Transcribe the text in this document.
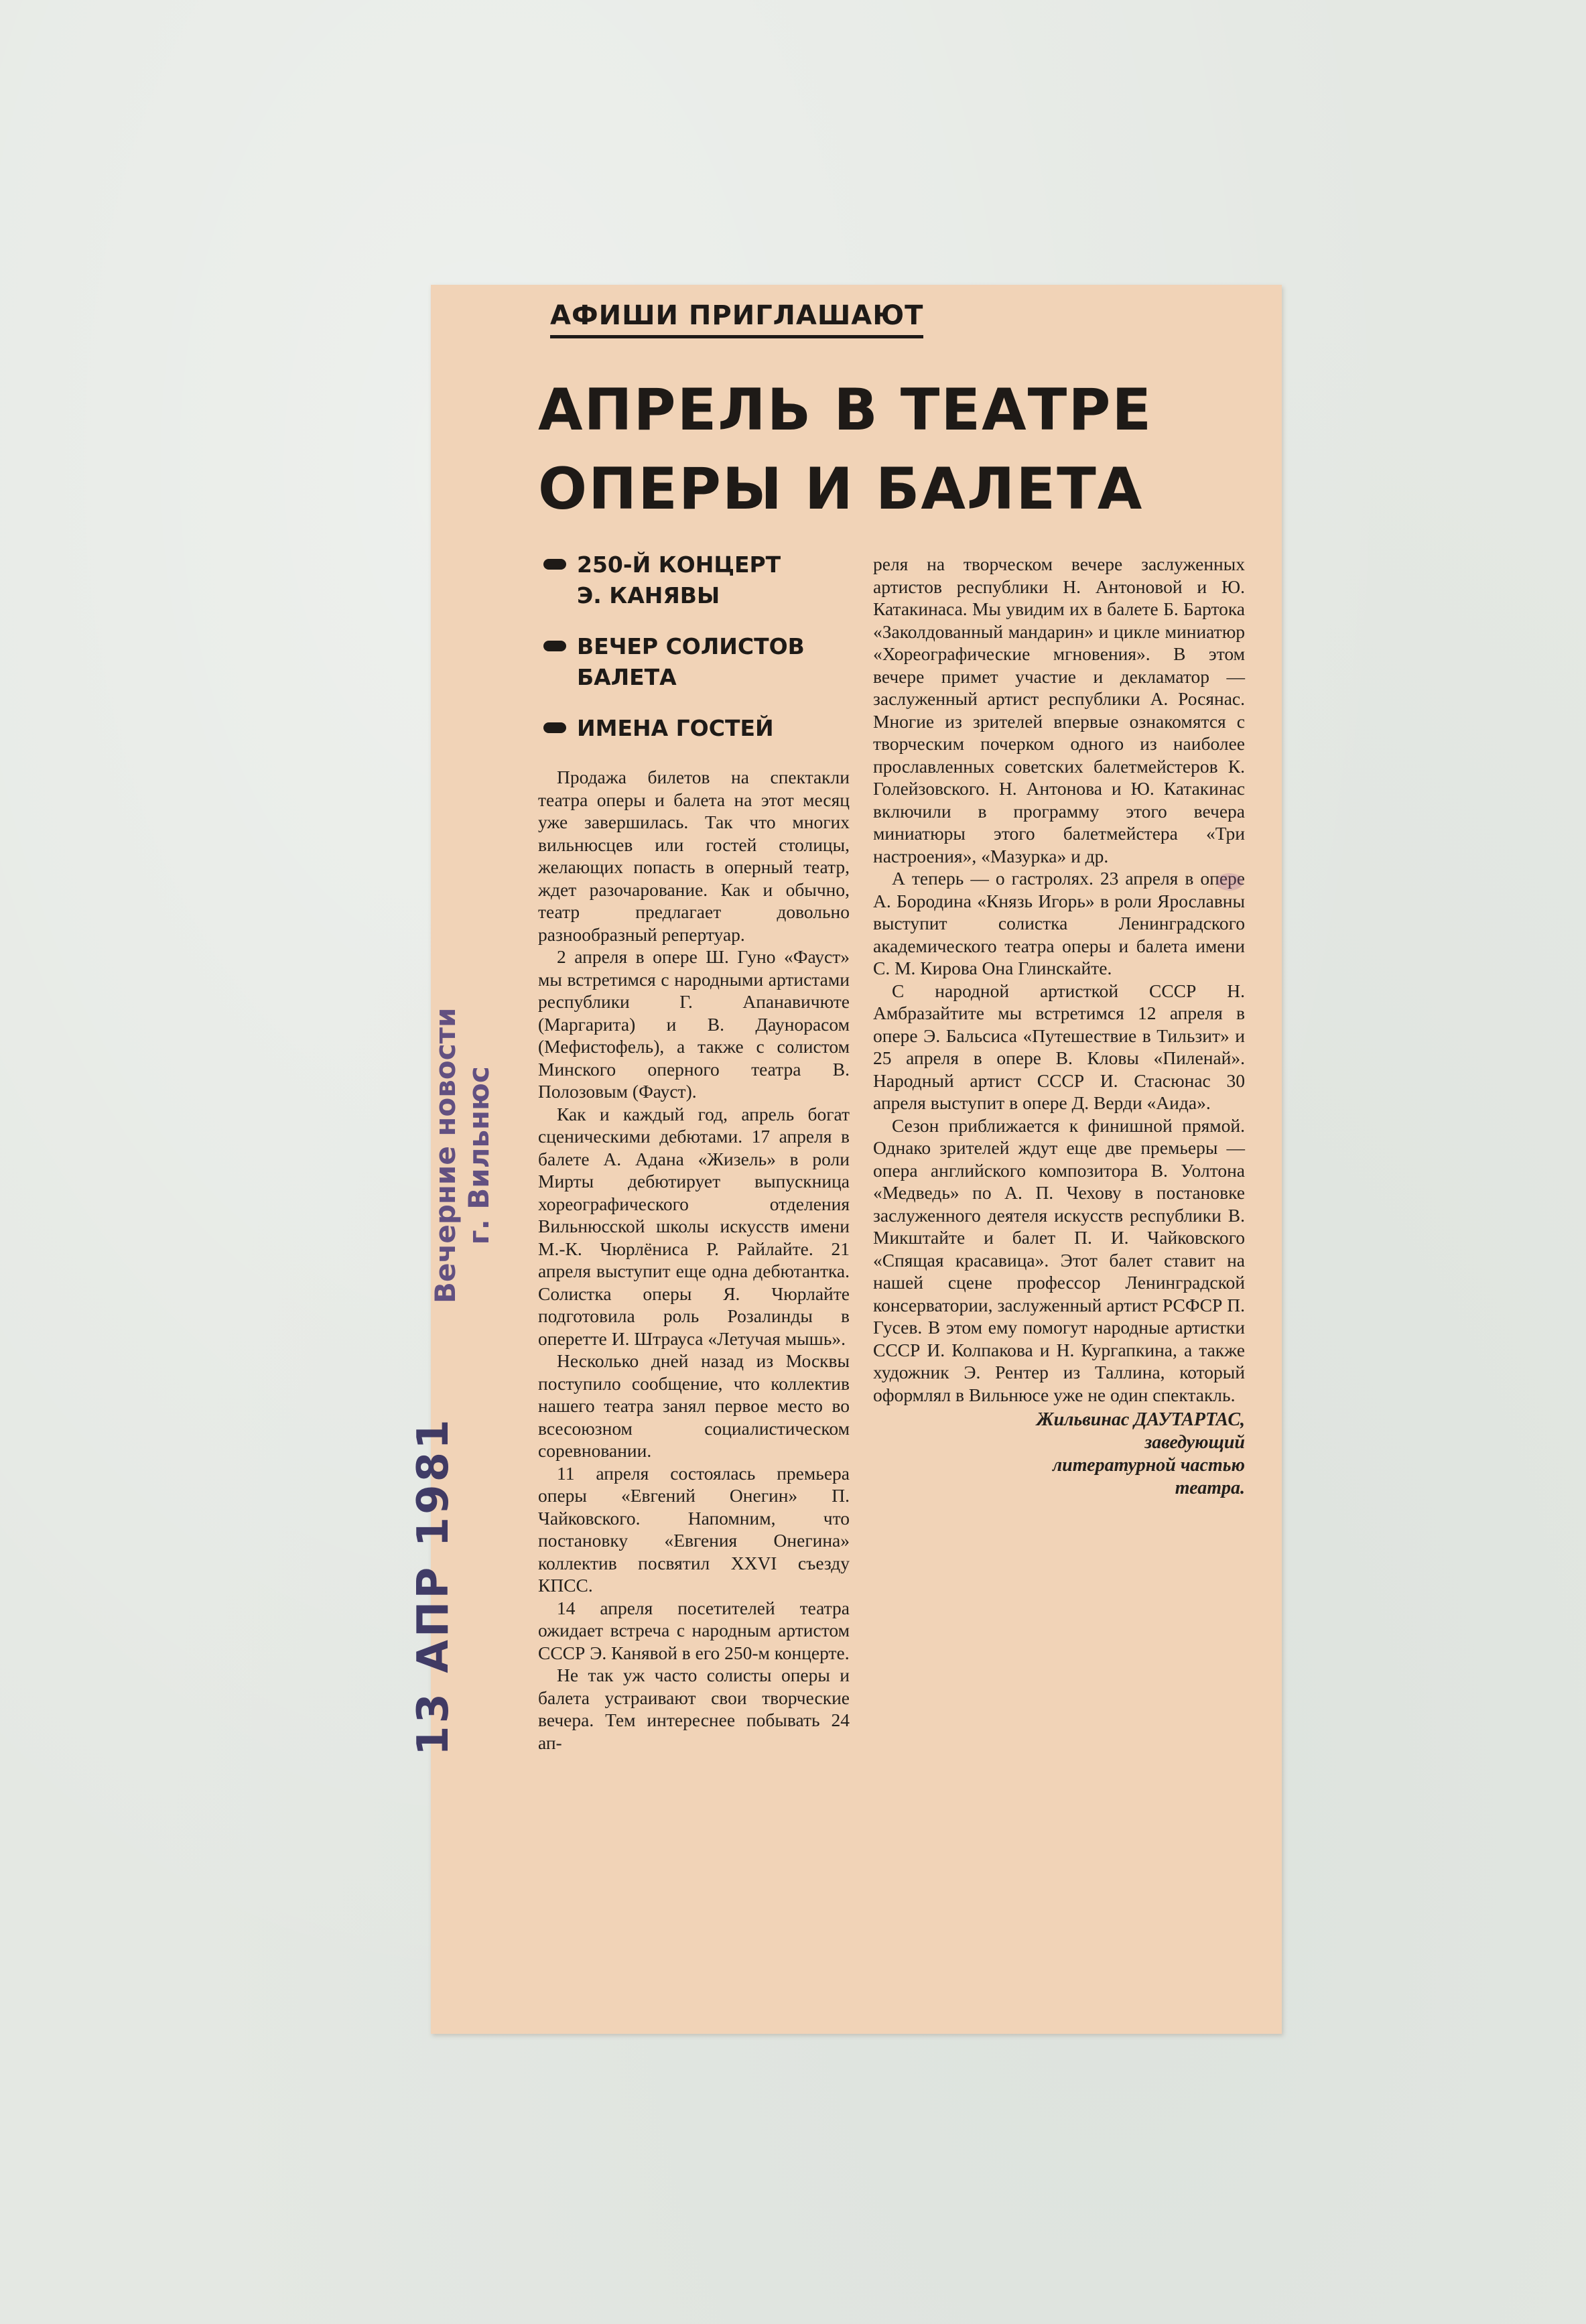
АФИШИ ПРИГЛАШАЮТ
АПРЕЛЬ В ТЕАТРЕ
ОПЕРЫ И БАЛЕТА
250-Й КОНЦЕРТ
Э. КАНЯВЫ
ВЕЧЕР СОЛИСТОВ
БАЛЕТА
ИМЕНА ГОСТЕЙ

Продажа билетов на спектакли театра оперы и балета на этот месяц уже завершилась. Так что многих вильнюсцев или гостей столицы, желающих попасть в оперный театр, ждет разочарование. Как и обычно, театр предлагает довольно разнообразный репертуар.

2 апреля в опере Ш. Гуно «Фауст» мы встретимся с народными артистами республики Г. Апанавичюте (Маргарита) и В. Даунорасом (Мефистофель), а также с солистом Минского оперного театра В. Полозовым (Фауст).

Как и каждый год, апрель богат сценическими дебютами. 17 апреля в балете А. Адана «Жизель» в роли Мирты дебютирует выпускница хореографического отделения Вильнюсской школы искусств имени М.-К. Чюрлёниса Р. Райлайте. 21 апреля выступит еще одна дебютантка. Солистка оперы Я. Чюрлайте подготовила роль Розалинды в оперетте И. Штрауса «Летучая мышь».

Несколько дней назад из Москвы поступило сообщение, что коллектив нашего театра занял первое место во всесоюзном социалистическом соревновании.

11 апреля состоялась премьера оперы «Евгений Онегин» П. Чайковского. Напомним, что постановку «Евгения Онегина» коллектив посвятил XXVI съезду КПСС.

14 апреля посетителей театра ожидает встреча с народным артистом СССР Э. Канявой в его 250-м концерте.

Не так уж часто солисты оперы и балета устраивают свои творческие вечера. Тем интереснее побывать 24 ап-

реля на творческом вечере заслуженных артистов республики Н. Антоновой и Ю. Катакинаса. Мы увидим их в балете Б. Бартока «Заколдованный мандарин» и цикле миниатюр «Хореографические мгновения». В этом вечере примет участие и декламатор — заслуженный артист республики А. Росянас. Многие из зрителей впервые ознакомятся с творческим почерком одного из наиболее прославленных советских балетмейстеров К. Голейзовского. Н. Антонова и Ю. Катакинас включили в программу этого вечера миниатюры этого балетмейстера «Три настроения», «Мазурка» и др.

А теперь — о гастролях. 23 апреля в опере А. Бородина «Князь Игорь» в роли Ярославны выступит солистка Ленинградского академического театра оперы и балета имени С. М. Кирова Она Глинскайте.

С народной артисткой СССР Н. Амбразайтите мы встретимся 12 апреля в опере Э. Бальсиса «Путешествие в Тильзит» и 25 апреля в опере В. Кловы «Пиленай». Народный артист СССР И. Стасюнас 30 апреля выступит в опере Д. Верди «Аида».

Сезон приближается к финишной прямой. Однако зрителей ждут еще две премьеры — опера английского композитора В. Уолтона «Медведь» по А. П. Чехову в постановке заслуженного деятеля искусств республики В. Микштайте и балет П. И. Чайковского «Спящая красавица». Этот балет ставит на нашей сцене профессор Ленинградской консерватории, заслуженный артист РСФСР П. Гусев. В этом ему помогут народные артистки СССР И. Колпакова и Н. Кургапкина, а также художник Э. Рентер из Таллина, который оформлял в Вильнюсе уже не один спектакль.

Жильвинас ДАУТАРТАС,
заведующий
литературной частью
театра.
Вечерние новости г. Вильнюс
13 АПР 1981
